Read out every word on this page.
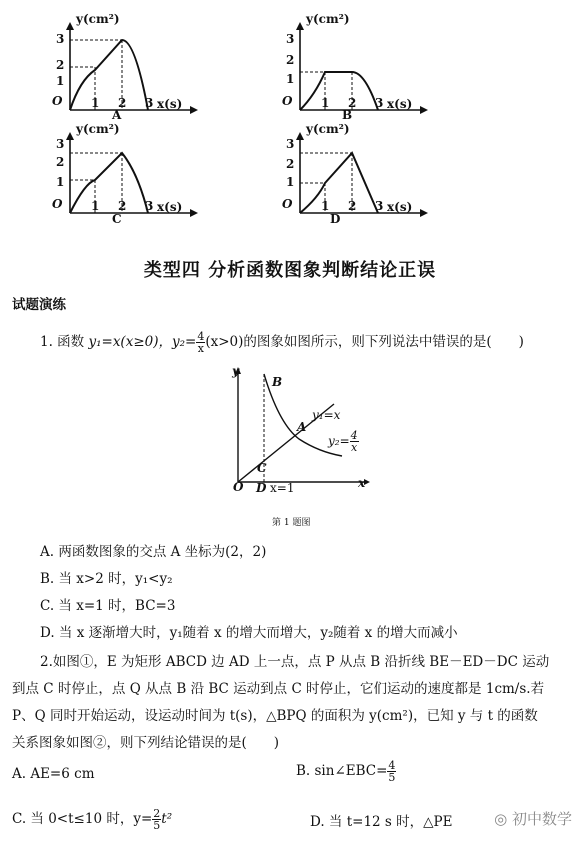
y(cm²)
3
2
1
O 1 2 3 x(s)
A
y(cm²)
3
2
1
O 1 2 3 x(s)
B
y(cm²)
3
2
1
O 1 2 3 x(s)
C
y(cm²)
3
2
1
O 1 2 3 x(s)
D
类型四 分析函数图象判断结论正误
试题演练
1. 函数 y₁=x(x≥0)，$y_2= \frac{4}{x} (x>0)$的图象如图所示，则下列说法中错误的是(　　)
y
B
y₁=x
A
$y_2= \frac{4}{x}$
C
O D x=1	x
第 1 题图
A. 两函数图象的交点 A 坐标为(2，2)
B. 当 x>2 时，y₁<y₂
C. 当 x=1 时，BC=3
D. 当 x 逐渐增大时，y₁随着 x 的增大而增大，y₂随着 x 的增大而减小
2.如图①，E 为矩形 ABCD 边 AD 上一点，点 P 从点 B 沿折线 BE－ED－DC 运动
到点 C 时停止，点 Q 从点 B 沿 BC 运动到点 C 时停止，它们运动的速度都是 1cm/s.若
P、Q 同时开始运动，设运动时间为 t(s)，△BPQ 的面积为 y(cm²)，已知 y 与 t 的函数
关系图象如图②，则下列结论错误的是(　　)
A. AE=6 cm	B. sin∠EBC= $\frac{4}{5}$
C. 当 0<t≤10 时，$y= \frac{2}{5} t^2$	D. 当 t=12 s 时，△PE	◎ 初中数学
